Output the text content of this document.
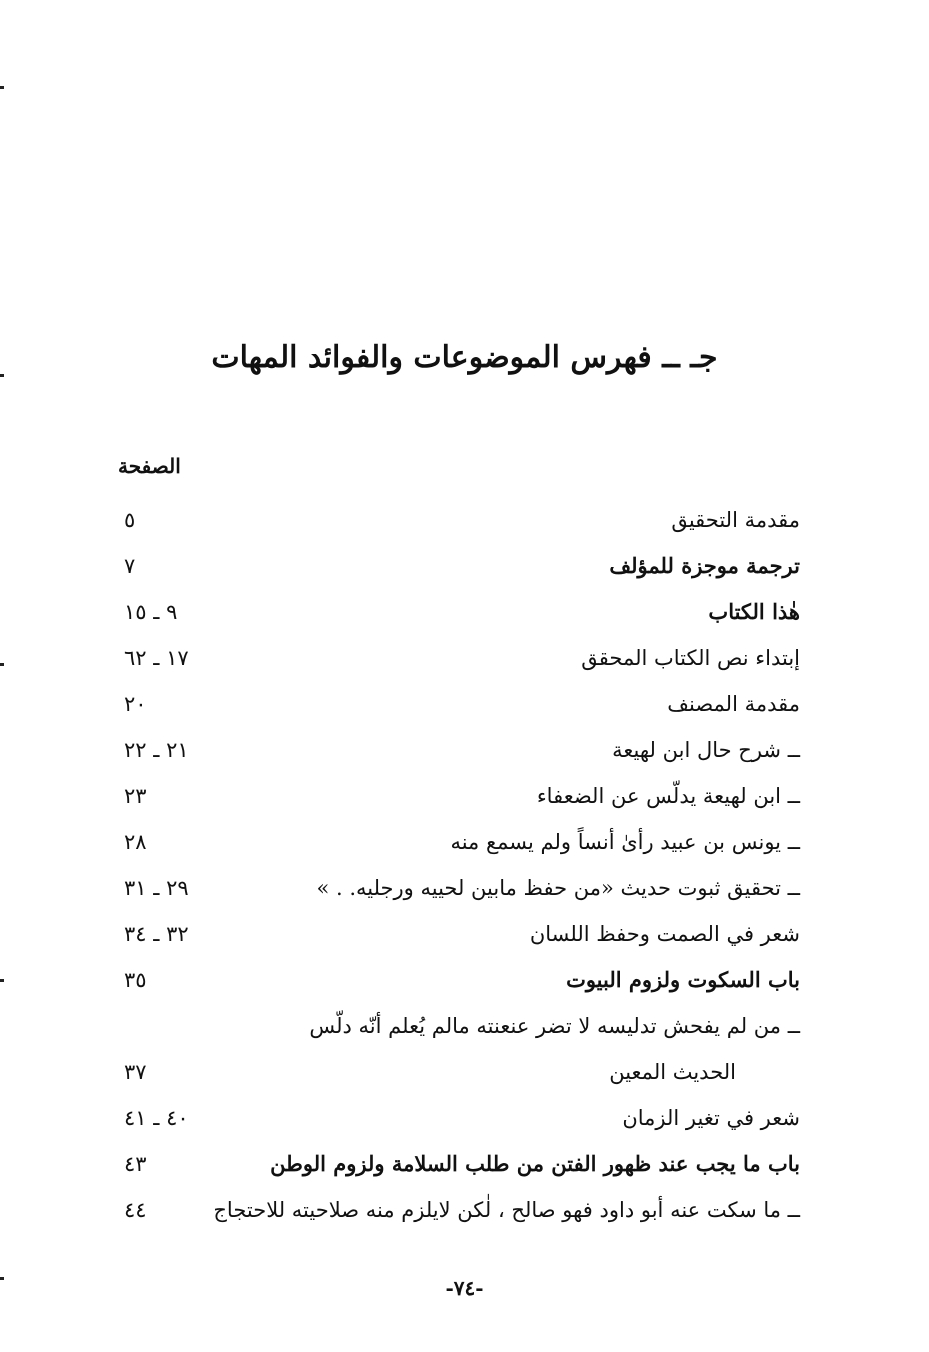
جـ ــ فهرس الموضوعات والفوائد المهات
الصفحة
مقدمة التحقيق
٥
ترجمة موجزة للمؤلف
٧
هٰذا الكتاب
٩ ـ ١٥
إبتداء نص الكتاب المحقق
١٧ ـ ٦٢
مقدمة المصنف
٢٠
ــ شرح حال ابن لهيعة
٢١ ـ ٢٢
ــ ابن لهيعة يدلّس عن الضعفاء
٢٣
ــ يونس بن عبيد رأىٰ أنساً ولم يسمع منه
٢٨
ــ تحقيق ثبوت حديث «من حفظ مابين لحييه ورجليه. . »
٢٩ ـ ٣١
شعر في الصمت وحفظ اللسان
٣٢ ـ ٣٤
باب السكوت ولزوم البيوت
٣٥
ــ من لم يفحش تدليسه لا تضر عنعنته مالم يُعلم أنّه دلّس
الحديث المعين
٣٧
شعر في تغير الزمان
٤٠ ـ ٤١
باب ما يجب عند ظهور الفتن من طلب السلامة ولزوم الوطن
٤٣
ــ ما سكت عنه أبو داود فهو صالح ، لٰكن لايلزم منه صلاحيته للاحتجاج
٤٤
-٧٤-
